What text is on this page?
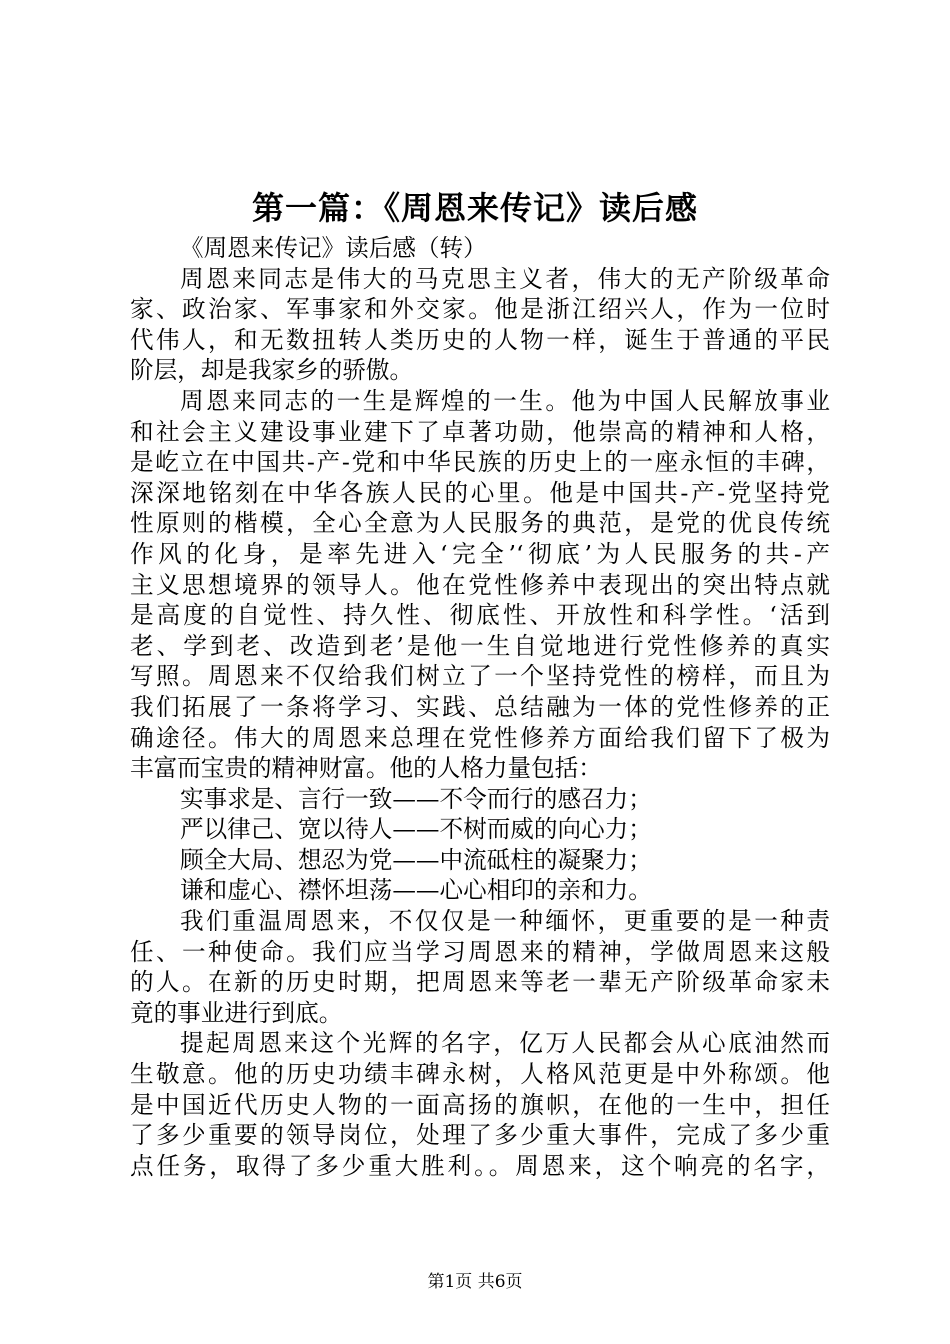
第一篇：《周恩来传记》读后感
《周恩来传记》读后感（转）
周恩来同志是伟大的马克思主义者，伟大的无产阶级革命
家、政治家、军事家和外交家。他是浙江绍兴人，作为一位时
代伟人，和无数扭转人类历史的人物一样，诞生于普通的平民
阶层，却是我家乡的骄傲。
周恩来同志的一生是辉煌的一生。他为中国人民解放事业
和社会主义建设事业建下了卓著功勋，他崇高的精神和人格，
是屹立在中国共-产-党和中华民族的历史上的一座永恒的丰碑，
深深地铭刻在中华各族人民的心里。他是中国共-产-党坚持党
性原则的楷模，全心全意为人民服务的典范，是党的优良传统
作风的化身，是率先进入‘完全’‘彻底’为人民服务的共-产
主义思想境界的领导人。他在党性修养中表现出的突出特点就
是高度的自觉性、持久性、彻底性、开放性和科学性。‘活到
老、学到老、改造到老’是他一生自觉地进行党性修养的真实
写照。周恩来不仅给我们树立了一个坚持党性的榜样，而且为
我们拓展了一条将学习、实践、总结融为一体的党性修养的正
确途径。伟大的周恩来总理在党性修养方面给我们留下了极为
丰富而宝贵的精神财富。他的人格力量包括：
实事求是、言行一致——不令而行的感召力；
严以律己、宽以待人——不树而威的向心力；
顾全大局、想忍为党——中流砥柱的凝聚力；
谦和虚心、襟怀坦荡——心心相印的亲和力。
我们重温周恩来，不仅仅是一种缅怀，更重要的是一种责
任、一种使命。我们应当学习周恩来的精神，学做周恩来这般
的人。在新的历史时期，把周恩来等老一辈无产阶级革命家未
竟的事业进行到底。
提起周恩来这个光辉的名字，亿万人民都会从心底油然而
生敬意。他的历史功绩丰碑永树，人格风范更是中外称颂。他
是中国近代历史人物的一面高扬的旗帜，在他的一生中，担任
了多少重要的领导岗位，处理了多少重大事件，完成了多少重
点任务，取得了多少重大胜利。。周恩来，这个响亮的名字，
第1页 共6页
